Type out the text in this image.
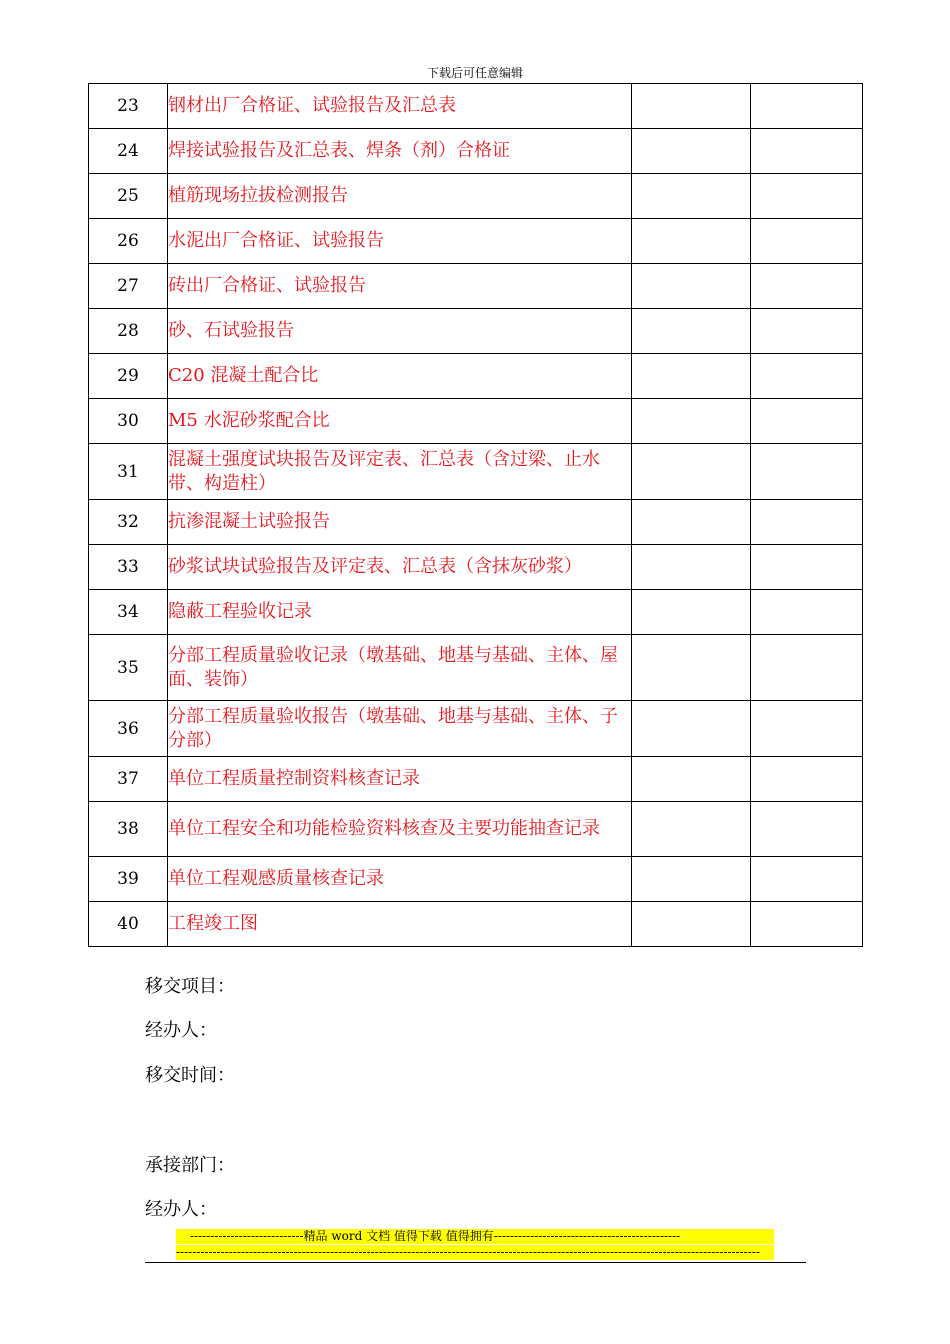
下载后可任意编辑
23	钢材出厂合格证、试验报告及汇总表		
24	焊接试验报告及汇总表、焊条（剂）合格证		
25	植筋现场拉拔检测报告		
26	水泥出厂合格证、试验报告		
27	砖出厂合格证、试验报告		
28	砂、石试验报告		
29	C20 混凝土配合比		
30	M5 水泥砂浆配合比		
31	混凝土强度试块报告及评定表、汇总表（含过梁、止水带、构造柱）		
32	抗渗混凝土试验报告		
33	砂浆试块试验报告及评定表、汇总表（含抹灰砂浆）		
34	隐蔽工程验收记录		
35	分部工程质量验收记录（墩基础、地基与基础、主体、屋面、装饰）		
36	分部工程质量验收报告（墩基础、地基与基础、主体、子分部）		
37	单位工程质量控制资料核查记录		
38	单位工程安全和功能检验资料核查及主要功能抽查记录		
39	单位工程观感质量核查记录		
40	工程竣工图		
移交项目：
经办人：
移交时间：
承接部门：
经办人：
----------------------------精品 word 文档 值得下载 值得拥有----------------------------------------------
------------------------------------------------------------------------------------------------------------------------------------------------
